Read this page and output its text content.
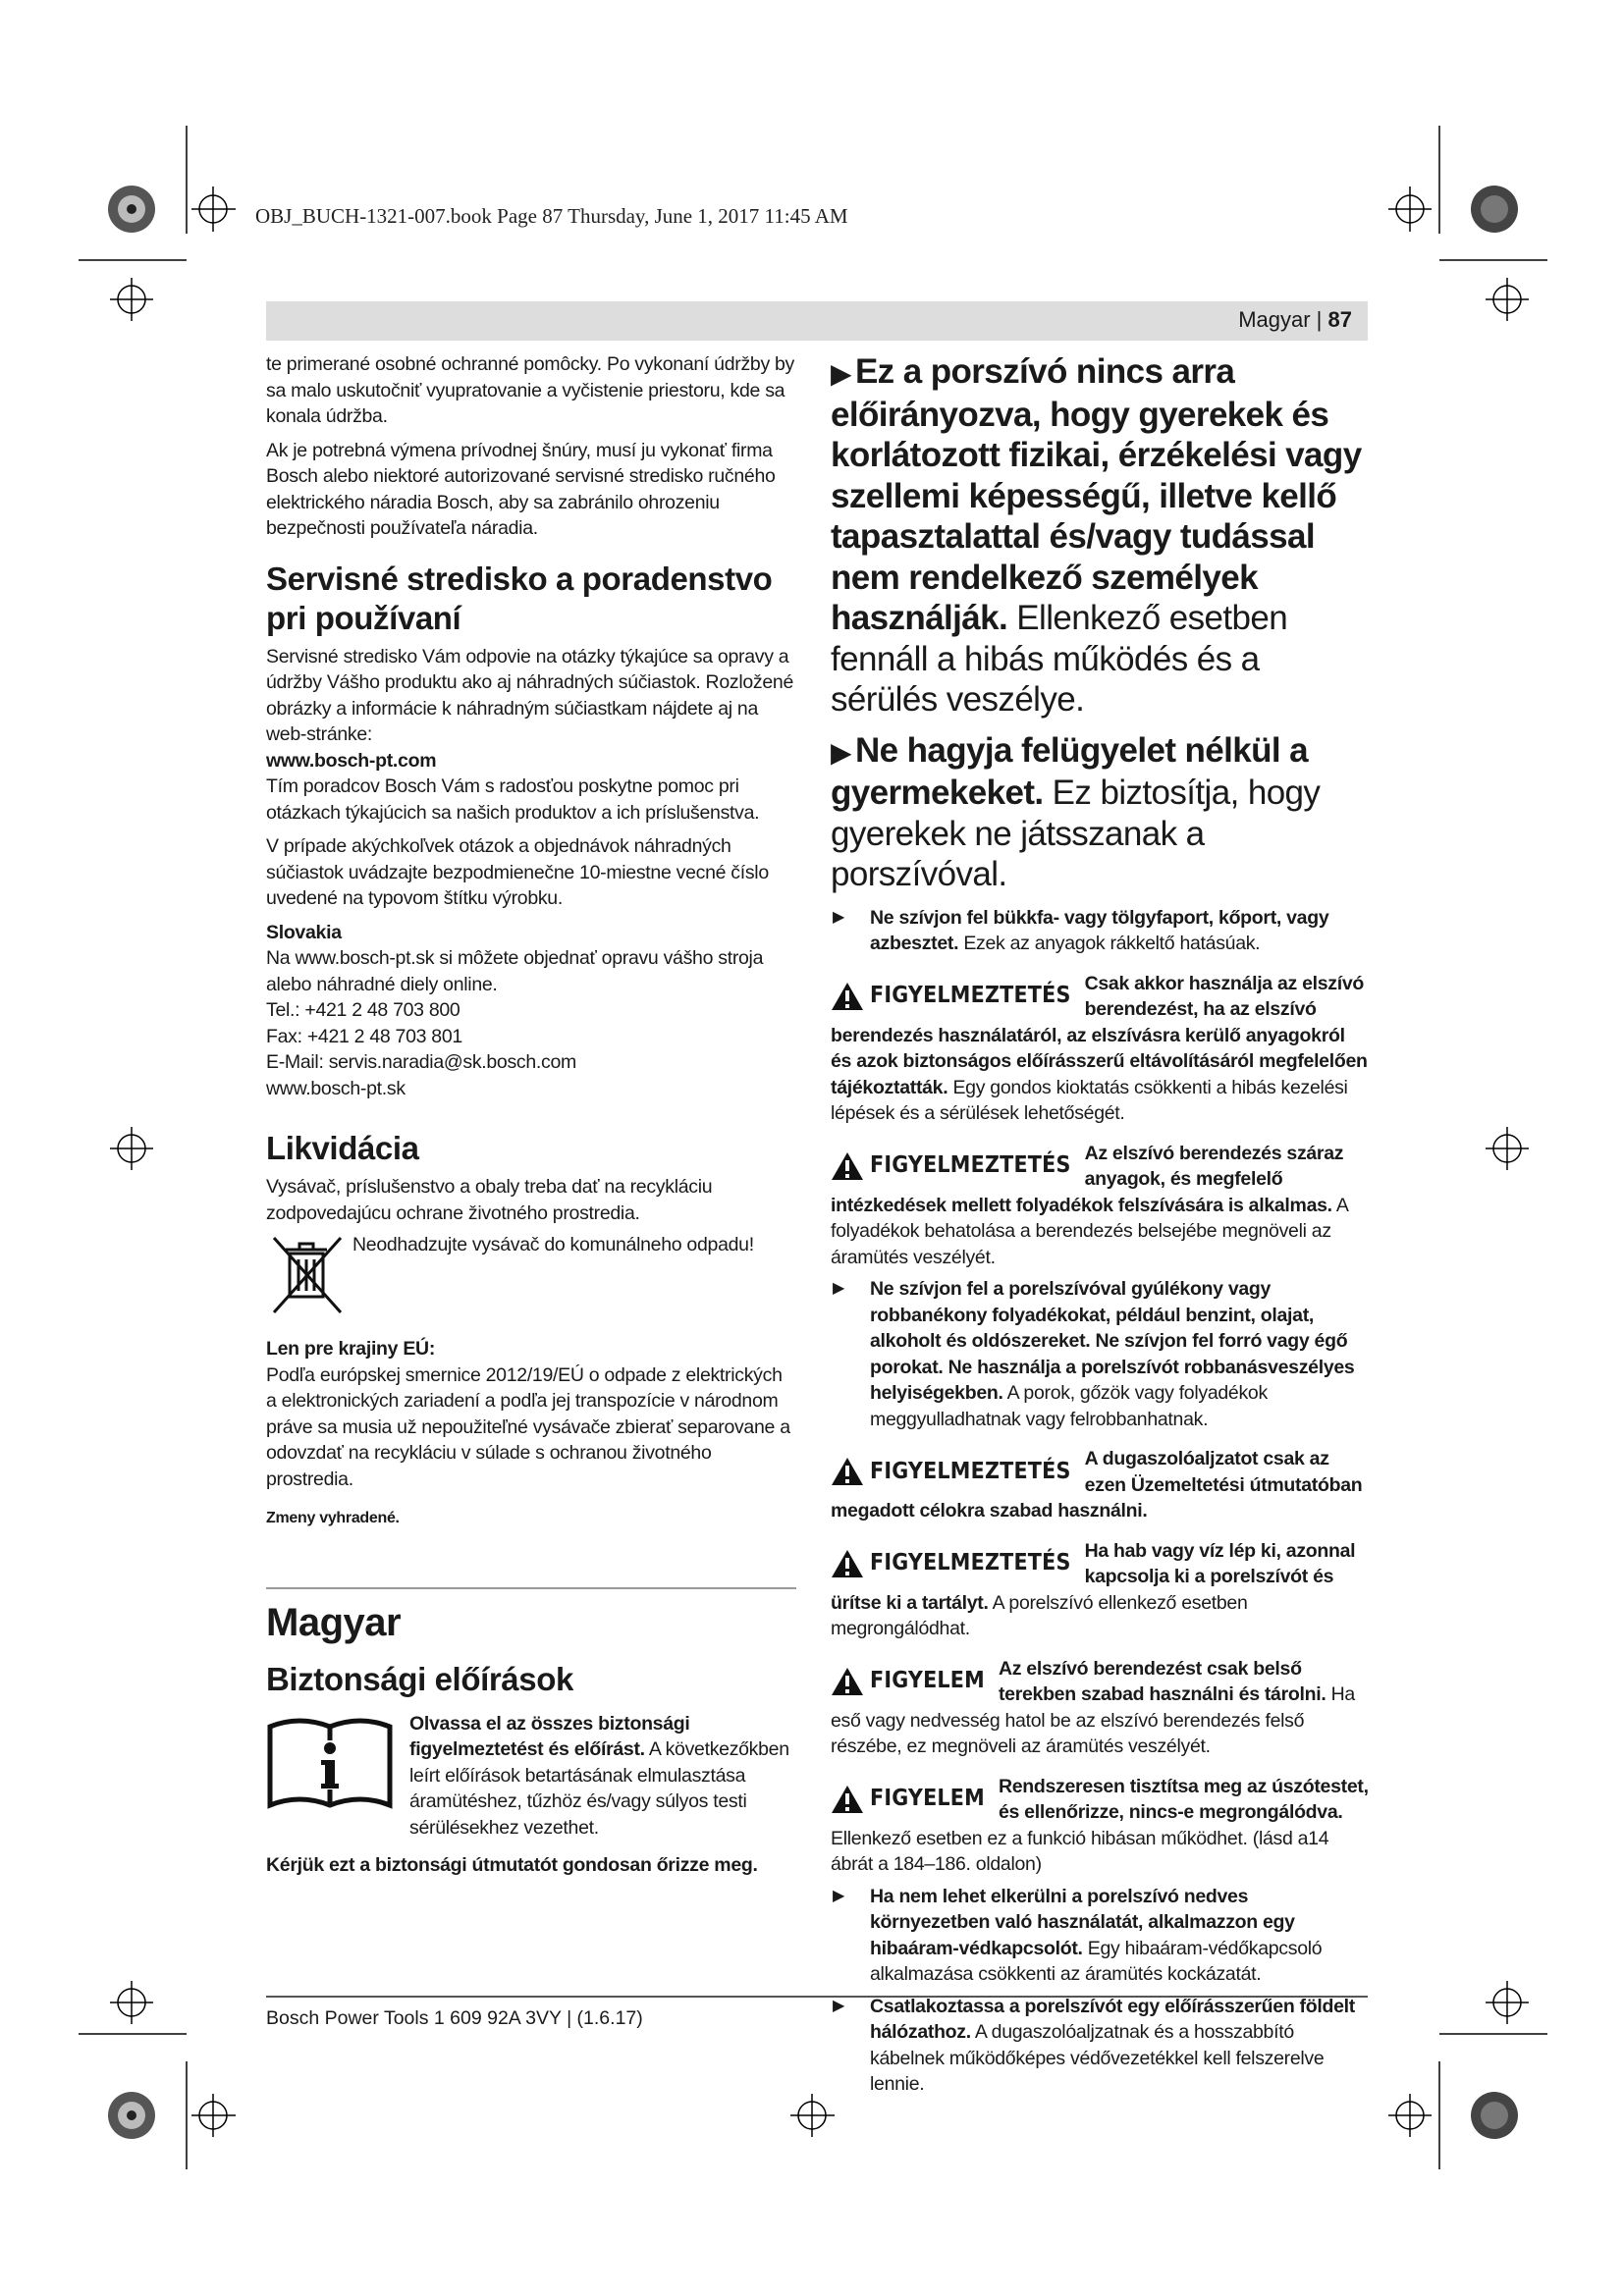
OBJ_BUCH-1321-007.book Page 87 Thursday, June 1, 2017 11:45 AM
Magyar | 87

te primerané osobné ochranné pomôcky. Po vykonaní údržby by sa malo uskutočniť vyupratovanie a vyčistenie priestoru, kde sa konala údržba.

Ak je potrebná výmena prívodnej šnúry, musí ju vykonať firma Bosch alebo niektoré autorizované servisné stredisko ručného elektrického náradia Bosch, aby sa zabránilo ohrozeniu bezpečnosti používateľa náradia.

Servisné stredisko a poradenstvo pri používaní

Servisné stredisko Vám odpovie na otázky týkajúce sa opravy a údržby Vášho produktu ako aj náhradných súčiastok. Rozložené obrázky a informácie k náhradným súčiastkam nájdete aj na web-stránke:

www.bosch-pt.com

Tím poradcov Bosch Vám s radosťou poskytne pomoc pri otázkach týkajúcich sa našich produktov a ich príslušenstva.

V prípade akýchkoľvek otázok a objednávok náhradných súčiastok uvádzajte bezpodmienečne 10-miestne vecné číslo uvedené na typovom štítku výrobku.

Slovakia

Na www.bosch-pt.sk si môžete objednať opravu vášho stroja alebo náhradné diely online.

Tel.: +421 2 48 703 800

Fax: +421 2 48 703 801

E-Mail: servis.naradia@sk.bosch.com

www.bosch-pt.sk

Likvidácia

Vysávač, príslušenstvo a obaly treba dať na recykláciu zodpovedajúcu ochrane životného prostredia.

Neodhadzujte vysávač do komunálneho odpadu!

Len pre krajiny EÚ:

Podľa európskej smernice 2012/19/EÚ o odpade z elektrických a elektronických zariadení a podľa jej transpozície v národnom práve sa musia už nepoužiteľné vysávače zbierať separovane a odovzdať na recykláciu v súlade s ochranou životného prostredia.

Zmeny vyhradené.

Magyar
Biztonsági előírások

Olvassa el az összes biztonsági figyelmeztetést és előírást. A következőkben leírt előírások betartásának elmulasztása áramütéshez, tűzhöz és/vagy súlyos testi sérülésekhez vezethet.

Kérjük ezt a biztonsági útmutatót gondosan őrizze meg.

▶ Ez a porszívó nincs arra előirányozva, hogy gyerekek és korlátozott fizikai, érzékelési vagy szellemi képességű, illetve kellő tapasztalattal és/vagy tudással nem rendelkező személyek használják. Ellenkező esetben fennáll a hibás működés és a sérülés veszélye.

▶ Ne hagyja felügyelet nélkül a gyermekeket. Ez biztosítja, hogy gyerekek ne játsszanak a porszívóval.

▶ Ne szívjon fel bükkfa- vagy tölgyfaport, kőport, vagy azbesztet. Ezek az anyagok rákkeltő hatásúak.
FIGYELMEZTETÉS Csak akkor használja az elszívó berendezést, ha az elszívó berendezés használatáról, az elszívásra kerülő anyagokról és azok biztonságos előírásszerű eltávolításáról megfelelően tájékoztatták. Egy gondos kioktatás csökkenti a hibás kezelési lépések és a sérülések lehetőségét.
FIGYELMEZTETÉS Az elszívó berendezés száraz anyagok, és megfelelő intézkedések mellett folyadékok felszívására is alkalmas. A folyadékok behatolása a berendezés belsejébe megnöveli az áramütés veszélyét.
▶ Ne szívjon fel a porelszívóval gyúlékony vagy robbanékony folyadékokat, például benzint, olajat, alkoholt és oldószereket. Ne szívjon fel forró vagy égő porokat. Ne használja a porelszívót robbanásveszélyes helyiségekben. A porok, gőzök vagy folyadékok meggyulladhatnak vagy felrobbanhatnak.
FIGYELMEZTETÉS A dugaszolóaljzatot csak az ezen Üzemeltetési útmutatóban megadott célokra szabad használni.
FIGYELMEZTETÉS Ha hab vagy víz lép ki, azonnal kapcsolja ki a porelszívót és ürítse ki a tartályt. A porelszívó ellenkező esetben megrongálódhat.
FIGYELEM Az elszívó berendezést csak belső terekben szabad használni és tárolni. Ha eső vagy nedvesség hatol be az elszívó berendezés felső részébe, ez megnöveli az áramütés veszélyét.
FIGYELEM Rendszeresen tisztítsa meg az úszótestet, és ellenőrizze, nincs-e megrongálódva. Ellenkező esetben ez a funkció hibásan működhet. (lásd a14 ábrát a 184–186. oldalon)
▶ Ha nem lehet elkerülni a porelszívó nedves környezetben való használatát, alkalmazzon egy hibaáram-védkapcsolót. Egy hibaáram-védőkapcsoló alkalmazása csökkenti az áramütés kockázatát.
▶ Csatlakoztassa a porelszívót egy előírásszerűen földelt hálózathoz. A dugaszolóaljzatnak és a hosszabbító kábelnek működőképes védővezetékkel kell felszerelve lennie.
Bosch Power Tools 1 609 92A 3VY | (1.6.17)
